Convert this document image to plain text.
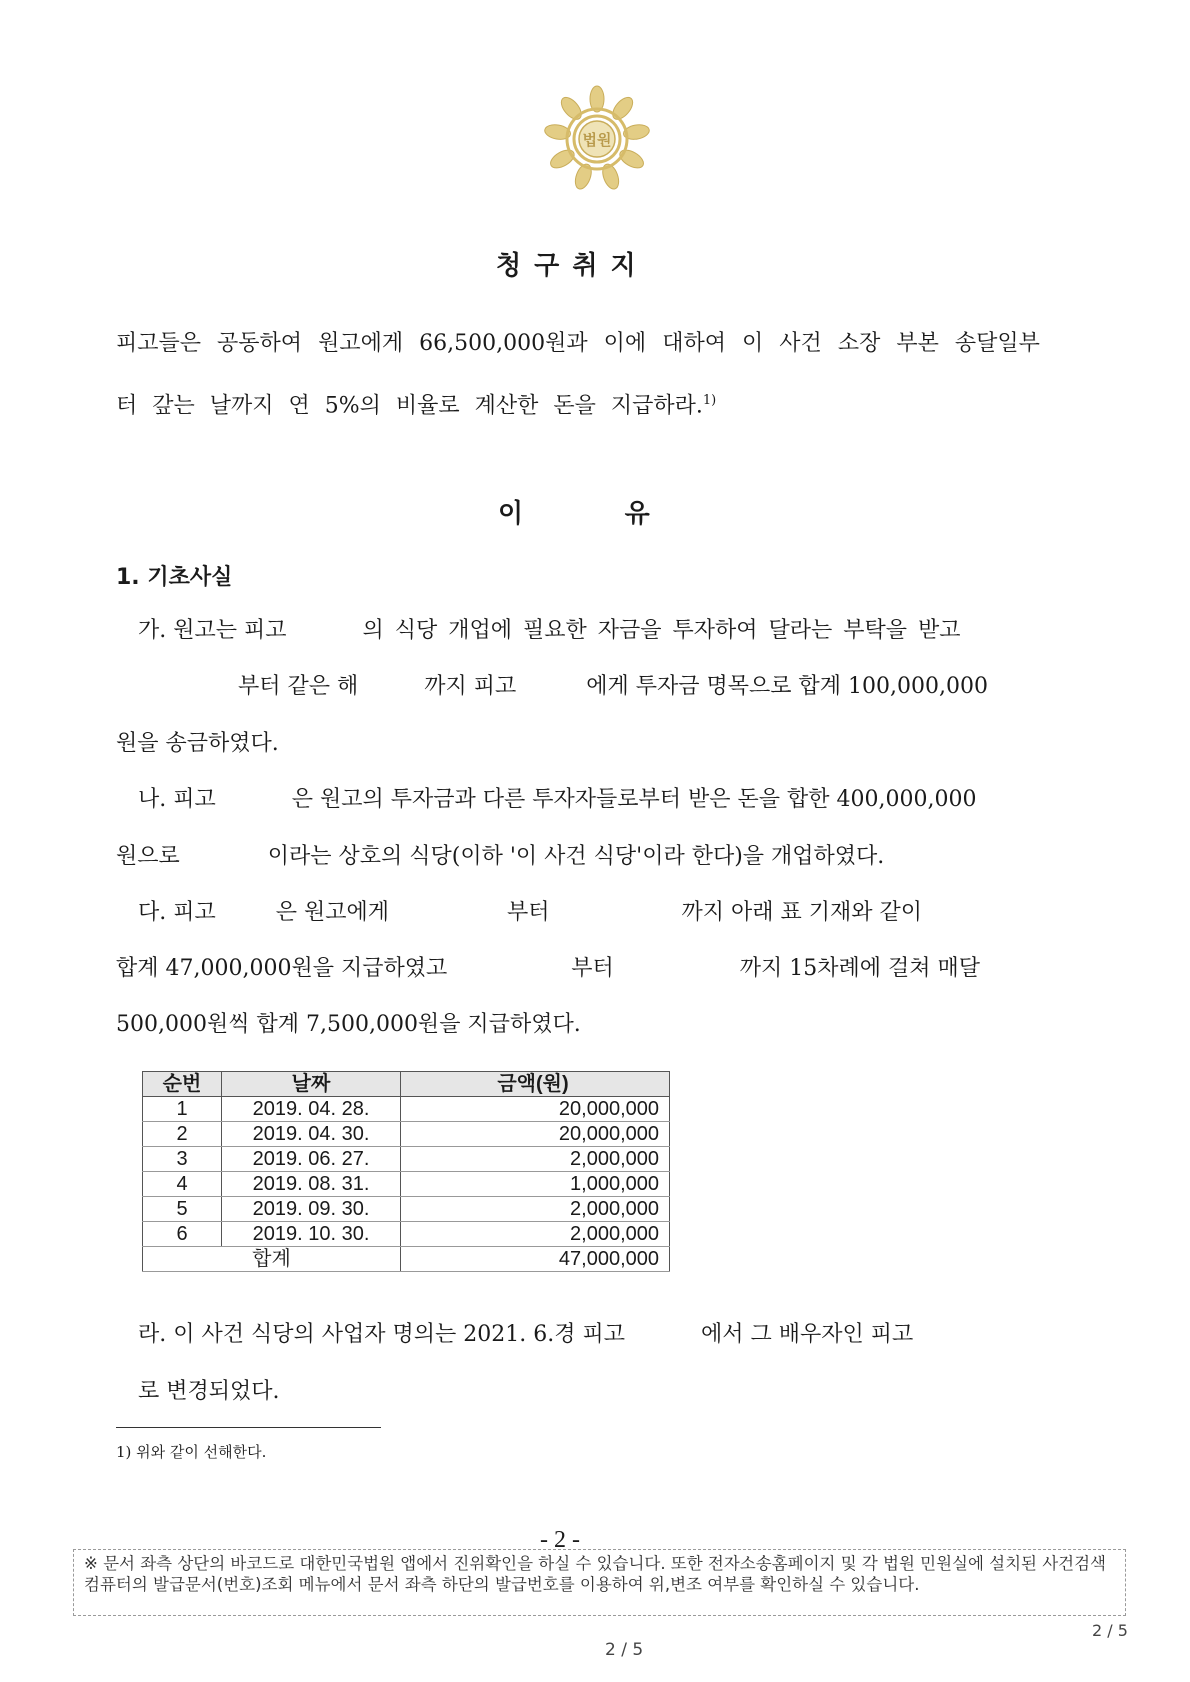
법원
청 구 취 지
피고들은 공동하여 원고에게 66,500,000원과 이에 대하여 이 사건 소장 부본 송달일부
터 갚는 날까지 연 5%의 비율로 계산한 돈을 지급하라.$^{1)}$
이         유
1. 기초사실
가. 원고는 피고	의 식당 개업에 필요한 자금을 투자하여 달라는 부탁을 받고
부터 같은 해	까지 피고	에게 투자금 명목으로 합계 100,000,000
원을 송금하였다.
나. 피고	은 원고의 투자금과 다른 투자자들로부터 받은 돈을 합한 400,000,000
원으로	이라는 상호의 식당(이하 '이 사건 식당'이라 한다)을 개업하였다.
다. 피고	은 원고에게	부터	까지 아래 표 기재와 같이
합계 47,000,000원을 지급하였고	부터	까지 15차례에 걸쳐 매달
500,000원씩 합계 7,500,000원을 지급하였다.
순번	날짜	금액(원)
1	2019. 04. 28.	20,000,000
2	2019. 04. 30.	20,000,000
3	2019. 06. 27.	2,000,000
4	2019. 08. 31.	1,000,000
5	2019. 09. 30.	2,000,000
6	2019. 10. 30.	2,000,000
합계		47,000,000
라. 이 사건 식당의 사업자 명의는 2021. 6.경 피고	에서 그 배우자인 피고
로 변경되었다.
1) 위와 같이 선해한다.
- 2 -
※ 문서 좌측 상단의 바코드로 대한민국법원 앱에서 진위확인을 하실 수 있습니다. 또한 전자소송홈페이지 및 각 법원 민원실에 설치된 사건검색 컴퓨터의 발급문서(번호)조회 메뉴에서 문서 좌측 하단의 발급번호를 이용하여 위,변조 여부를 확인하실 수 있습니다.
2 / 5
2 / 5
